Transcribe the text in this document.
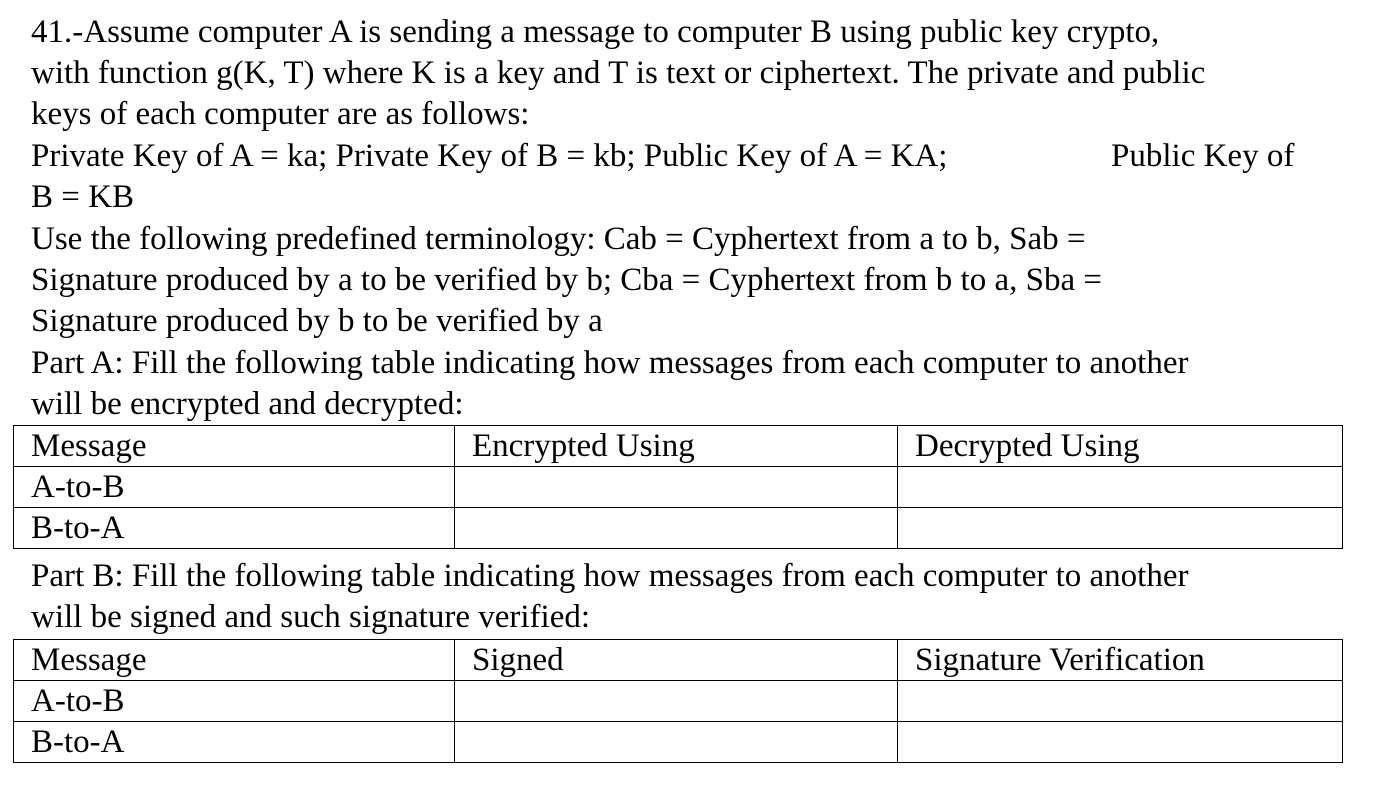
41.-Assume computer A is sending a message to computer B using public key crypto,
with function g(K, T) where K is a key and T is text or ciphertext. The private and public
keys of each computer are as follows:
Private Key of A = ka; Private Key of B = kb; Public Key of A = KA;	Public Key of
B = KB
Use the following predefined terminology: Cab = Cyphertext from a to b, Sab =
Signature produced by a to be verified by b; Cba = Cyphertext from b to a, Sba =
Signature produced by b to be verified by a
Part A: Fill the following table indicating how messages from each computer to another
will be encrypted and decrypted:
Message	Encrypted Using	Decrypted Using
A-to-B		
B-to-A		
Part B: Fill the following table indicating how messages from each computer to another
will be signed and such signature verified:
Message	Signed	Signature Verification
A-to-B		
B-to-A		
